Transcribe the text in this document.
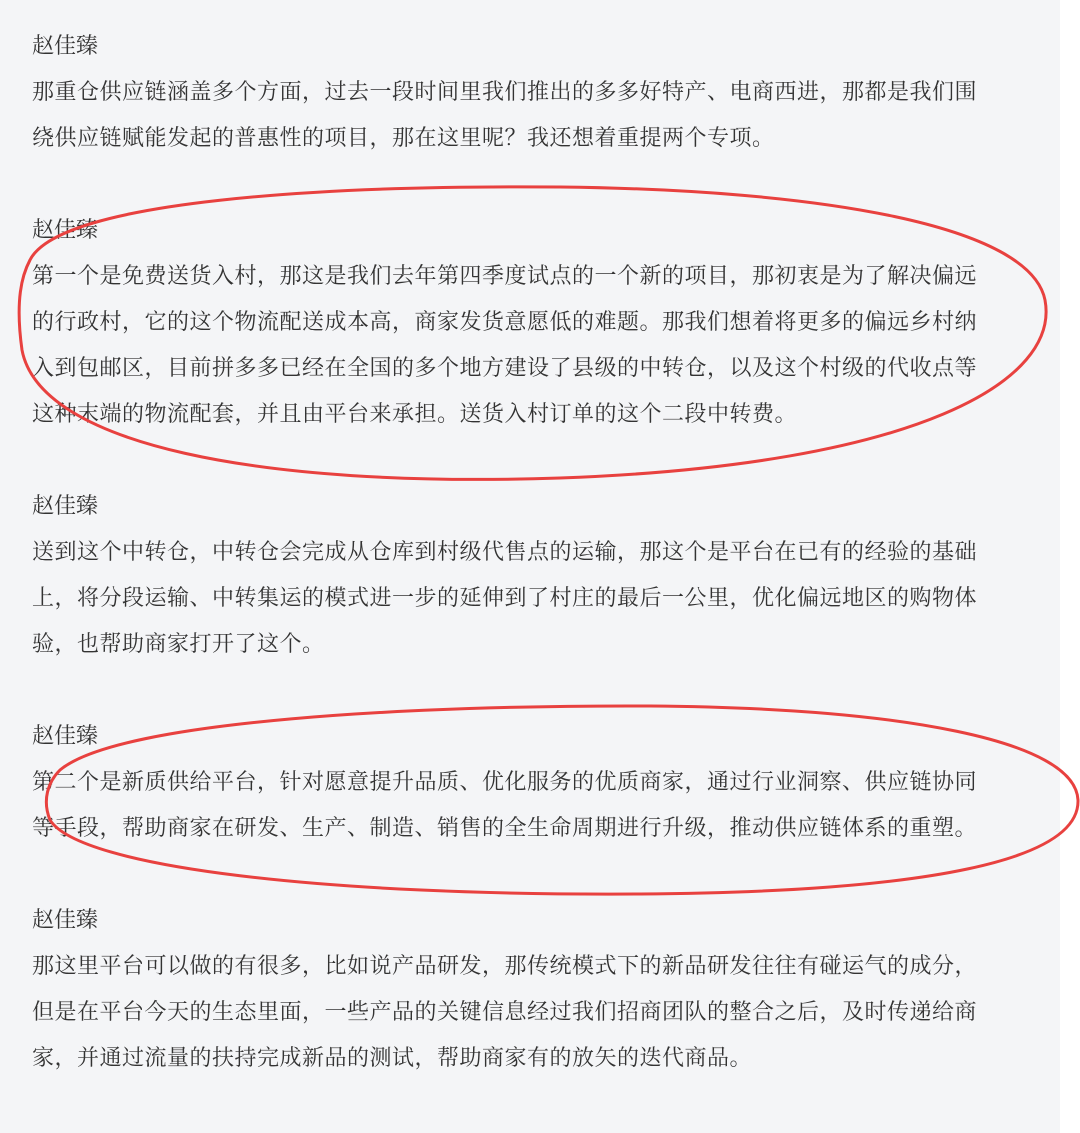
赵佳臻
那重仓供应链涵盖多个方面，过去一段时间里我们推出的多多好特产、电商西进，那都是我们围
绕供应链赋能发起的普惠性的项目，那在这里呢？我还想着重提两个专项。
赵佳臻
第一个是免费送货入村，那这是我们去年第四季度试点的一个新的项目，那初衷是为了解决偏远
的行政村，它的这个物流配送成本高，商家发货意愿低的难题。那我们想着将更多的偏远乡村纳
入到包邮区，目前拼多多已经在全国的多个地方建设了县级的中转仓，以及这个村级的代收点等
这种末端的物流配套，并且由平台来承担。送货入村订单的这个二段中转费。
赵佳臻
送到这个中转仓，中转仓会完成从仓库到村级代售点的运输，那这个是平台在已有的经验的基础
上，将分段运输、中转集运的模式进一步的延伸到了村庄的最后一公里，优化偏远地区的购物体
验，也帮助商家打开了这个。
赵佳臻
第二个是新质供给平台，针对愿意提升品质、优化服务的优质商家，通过行业洞察、供应链协同
等手段，帮助商家在研发、生产、制造、销售的全生命周期进行升级，推动供应链体系的重塑。
赵佳臻
那这里平台可以做的有很多，比如说产品研发，那传统模式下的新品研发往往有碰运气的成分，
但是在平台今天的生态里面，一些产品的关键信息经过我们招商团队的整合之后，及时传递给商
家，并通过流量的扶持完成新品的测试，帮助商家有的放矢的迭代商品。
